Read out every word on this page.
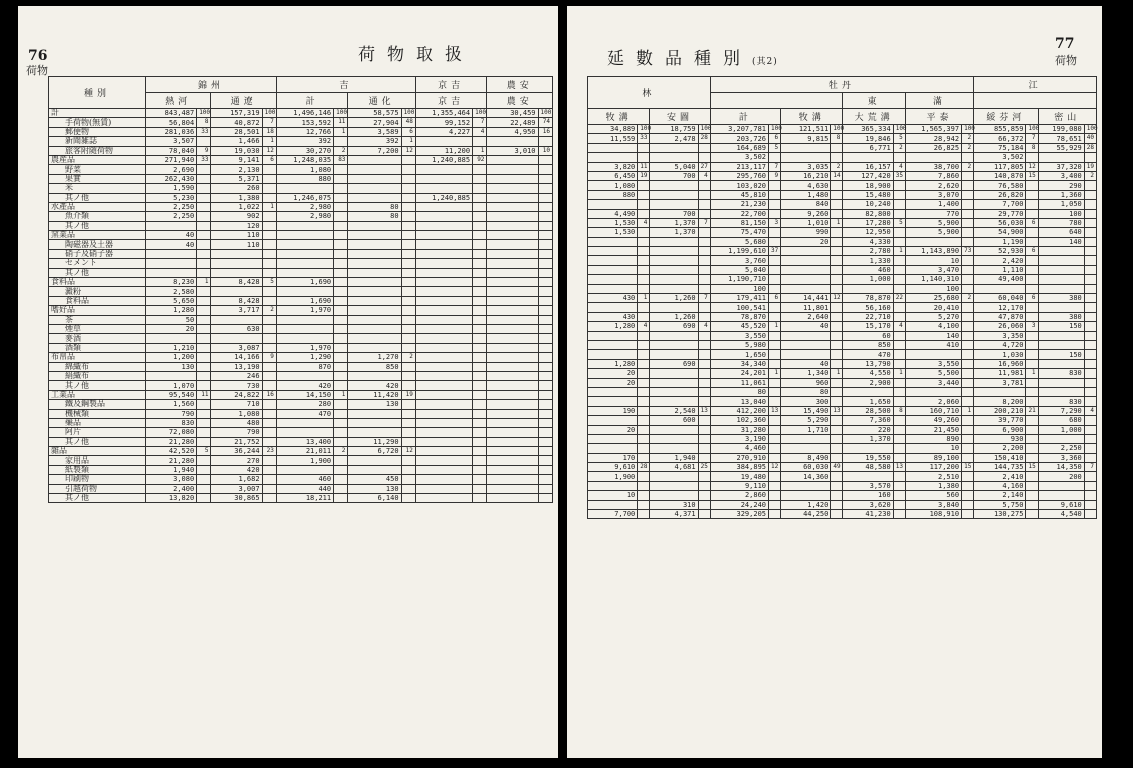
76
荷物
荷物取扱
種別	錦州				吉				京吉		農安	
	熱河		通遼		計		通化		京吉		農安	
計	843,487	100	157,319	100	1,496,146	100	58,575	100	1,355,464	100	30,459	100
手荷物(無賃)	56,804	8	40,872	7	153,592	11	27,904	48	99,152	7	22,489	74
郵便物	281,036	33	28,501	18	12,766	1	3,589	6	4,227	4	4,950	16
新聞雑誌	3,507		1,466	1	392		392	1				
旅客附随荷物	78,040	9	19,030	12	30,270	2	7,200	12	11,200	1	3,010	10
農産品	271,940	33	9,141	6	1,248,035	83			1,240,885	92		
野菜	2,690		2,130		1,080							
果實	262,430		5,371		880							
米	1,590		260									
其ノ他	5,230		1,380		1,246,075				1,240,885			
水產品	2,250		1,022	1	2,980		80					
魚介類	2,250		902		2,980		80					
其ノ他			120									
窯業品	40		110									
陶磁器及土器	40		110									
硝子及硝子器												
セメント												
其ノ他												
食料品	8,230	1	8,428	5	1,690							
澱粉	2,580											
食料品	5,650		8,428		1,690							
嗜好品	1,280		3,717	2	1,970							
茶	50											
煙草	20		630									
麥酒												
酒類	1,210		3,087		1,970							
布帛品	1,200		14,166	9	1,290		1,270	2				
綿織布	130		13,190		870		850					
絹織布			246									
其ノ他	1,070		730		420		420					
工業品	95,540	11	24,822	16	14,150	1	11,420	19				
鐵及鋼製品	1,560		710		280		130					
機械類	790		1,080		470							
藥品	830		480									
阿片	72,080		790									
其ノ他	21,280		21,752		13,400		11,290					
雜品	42,520	5	36,244	23	21,011	2	6,720	12				
家用品	21,280		270		1,900							
紙製類	1,940		420									
印刷物	3,080		1,682		460		450					
引越荷物	2,400		3,007		440		130					
其ノ他	13,820		30,865		18,211		6,140					
77
荷物
延數品種別(其2)
林				牡丹								江			
								東		滿					
牧溝		安圖		計		牧溝		大荒溝		平泰		綏芬河		密山	
34,889	100	18,759	100	3,207,781	100	121,511	100	365,334	100	1,565,397	100	855,859	100	199,080	100
11,559	33	2,478	28	203,726	6	9,815	8	19,846	5	28,942	2	66,372	7	78,651	40
				164,689	5			6,771	2	26,825	2	75,184	8	55,929	28
				3,502								3,502			
3,820	11	5,040	27	213,117	7	3,035	2	16,157	4	38,700	2	117,805	12	37,320	19
6,450	19	700	4	295,760	9	16,210	14	127,420	35	7,860		140,870	15	3,400	2
1,080				103,020		4,630		18,900		2,620		76,580		290	
880				45,810		1,480		15,480		3,070		26,820		1,360	
				21,230		840		10,240		1,400		7,700		1,050	
4,490		700		22,700		9,260		82,800		770		29,770		100	
1,530	4	1,370	7	81,150	3	1,010	1	17,280	5	5,900		56,030	6	780	
1,530		1,370		75,470		990		12,950		5,900		54,900		640	
				5,680		20		4,330				1,190		140	
				1,199,610	37			2,780	1	1,143,890	73	52,930	6		
				3,760				1,330		10		2,420			
				5,040				460		3,470		1,110			
				1,190,710				1,000		1,140,310		49,400			
				100						100					
430	1	1,260	7	179,411	6	14,441	12	78,870	22	25,680	2	60,040	6	380	
				100,541		11,801		56,160		20,410		12,170			
430		1,260		78,870		2,640		22,710		5,270		47,870		380	
1,280	4	690	4	45,520	1	40		15,170	4	4,100		26,060	3	150	
				3,550				60		140		3,350			
				5,980				850		410		4,720			
				1,650				470				1,030		150	
1,280		690		34,340		40		13,790		3,550		16,960			
20				24,201	1	1,340	1	4,550	1	5,500		11,981	1	830	
20				11,061		960		2,900		3,440		3,781			
				80		80									
				13,040		300		1,650		2,060		8,200		830	
190		2,540	13	412,200	13	15,490	13	28,500	8	160,710	1	200,210	21	7,290	4
		600		102,360		5,290		7,360		49,260		39,770		680	
20				31,280		1,710		220		21,450		6,900		1,000	
				3,190				1,370		890		930			
				4,460						10		2,200		2,250	
170		1,940		270,910		8,490		19,550		89,100		150,410		3,360	
9,610	28	4,681	25	384,895	12	60,030	49	48,580	13	117,200	15	144,735	15	14,350	7
1,900				19,480		14,360				2,510		2,410		200	
				9,110				3,570		1,380		4,160			
10				2,860				160		560		2,140			
		310		24,240		1,420		3,620		3,840		5,750		9,610	
7,700		4,371		329,205		44,250		41,230		108,910		130,275		4,540	
